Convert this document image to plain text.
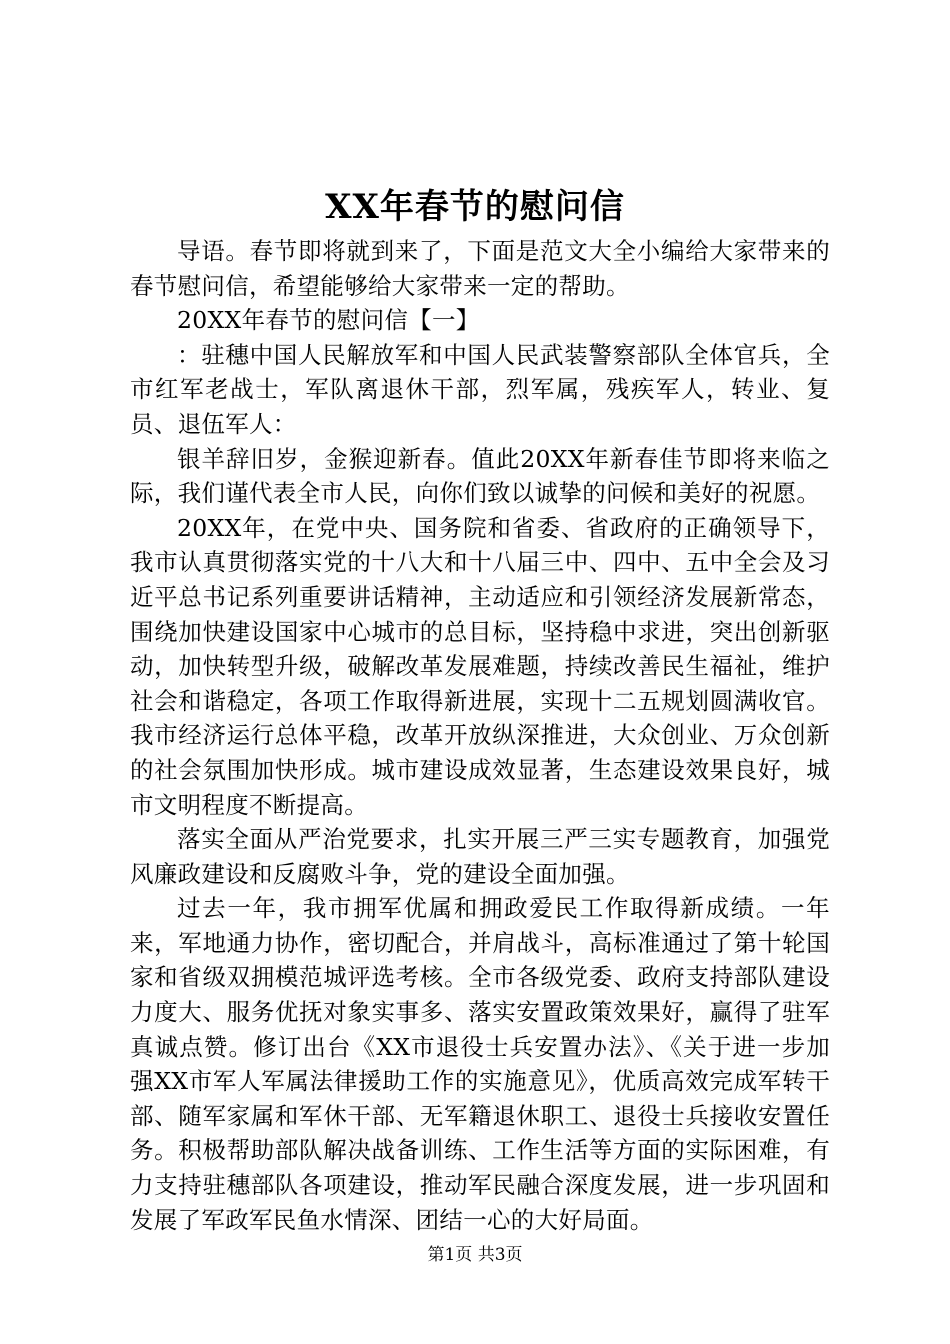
XX年春节的慰问信

导语。春节即将就到来了，下面是范文大全小编给大家带来的春节慰问信，希望能够给大家带来一定的帮助。

20XX年春节的慰问信【一】

：驻穗中国人民解放军和中国人民武装警察部队全体官兵，全市红军老战士，军队离退休干部，烈军属，残疾军人，转业、复员、退伍军人：

银羊辞旧岁，金猴迎新春。值此20XX年新春佳节即将来临之际，我们谨代表全市人民，向你们致以诚挚的问候和美好的祝愿。

20XX年，在党中央、国务院和省委、省政府的正确领导下，我市认真贯彻落实党的十八大和十八届三中、四中、五中全会及习近平总书记系列重要讲话精神，主动适应和引领经济发展新常态，围绕加快建设国家中心城市的总目标，坚持稳中求进，突出创新驱动，加快转型升级，破解改革发展难题，持续改善民生福祉，维护社会和谐稳定，各项工作取得新进展，实现十二五规划圆满收官。我市经济运行总体平稳，改革开放纵深推进，大众创业、万众创新的社会氛围加快形成。城市建设成效显著，生态建设效果良好，城市文明程度不断提高。

落实全面从严治党要求，扎实开展三严三实专题教育，加强党风廉政建设和反腐败斗争，党的建设全面加强。

过去一年，我市拥军优属和拥政爱民工作取得新成绩。一年来，军地通力协作，密切配合，并肩战斗，高标准通过了第十轮国家和省级双拥模范城评选考核。全市各级党委、政府支持部队建设力度大、服务优抚对象实事多、落实安置政策效果好，赢得了驻军真诚点赞。修订出台《XX市退役士兵安置办法》、《关于进一步加强XX市军人军属法律援助工作的实施意见》，优质高效完成军转干部、随军家属和军休干部、无军籍退休职工、退役士兵接收安置任务。积极帮助部队解决战备训练、工作生活等方面的实际困难，有力支持驻穗部队各项建设，推动军民融合深度发展，进一步巩固和发展了军政军民鱼水情深、团结一心的大好局面。

第1页 共3页
